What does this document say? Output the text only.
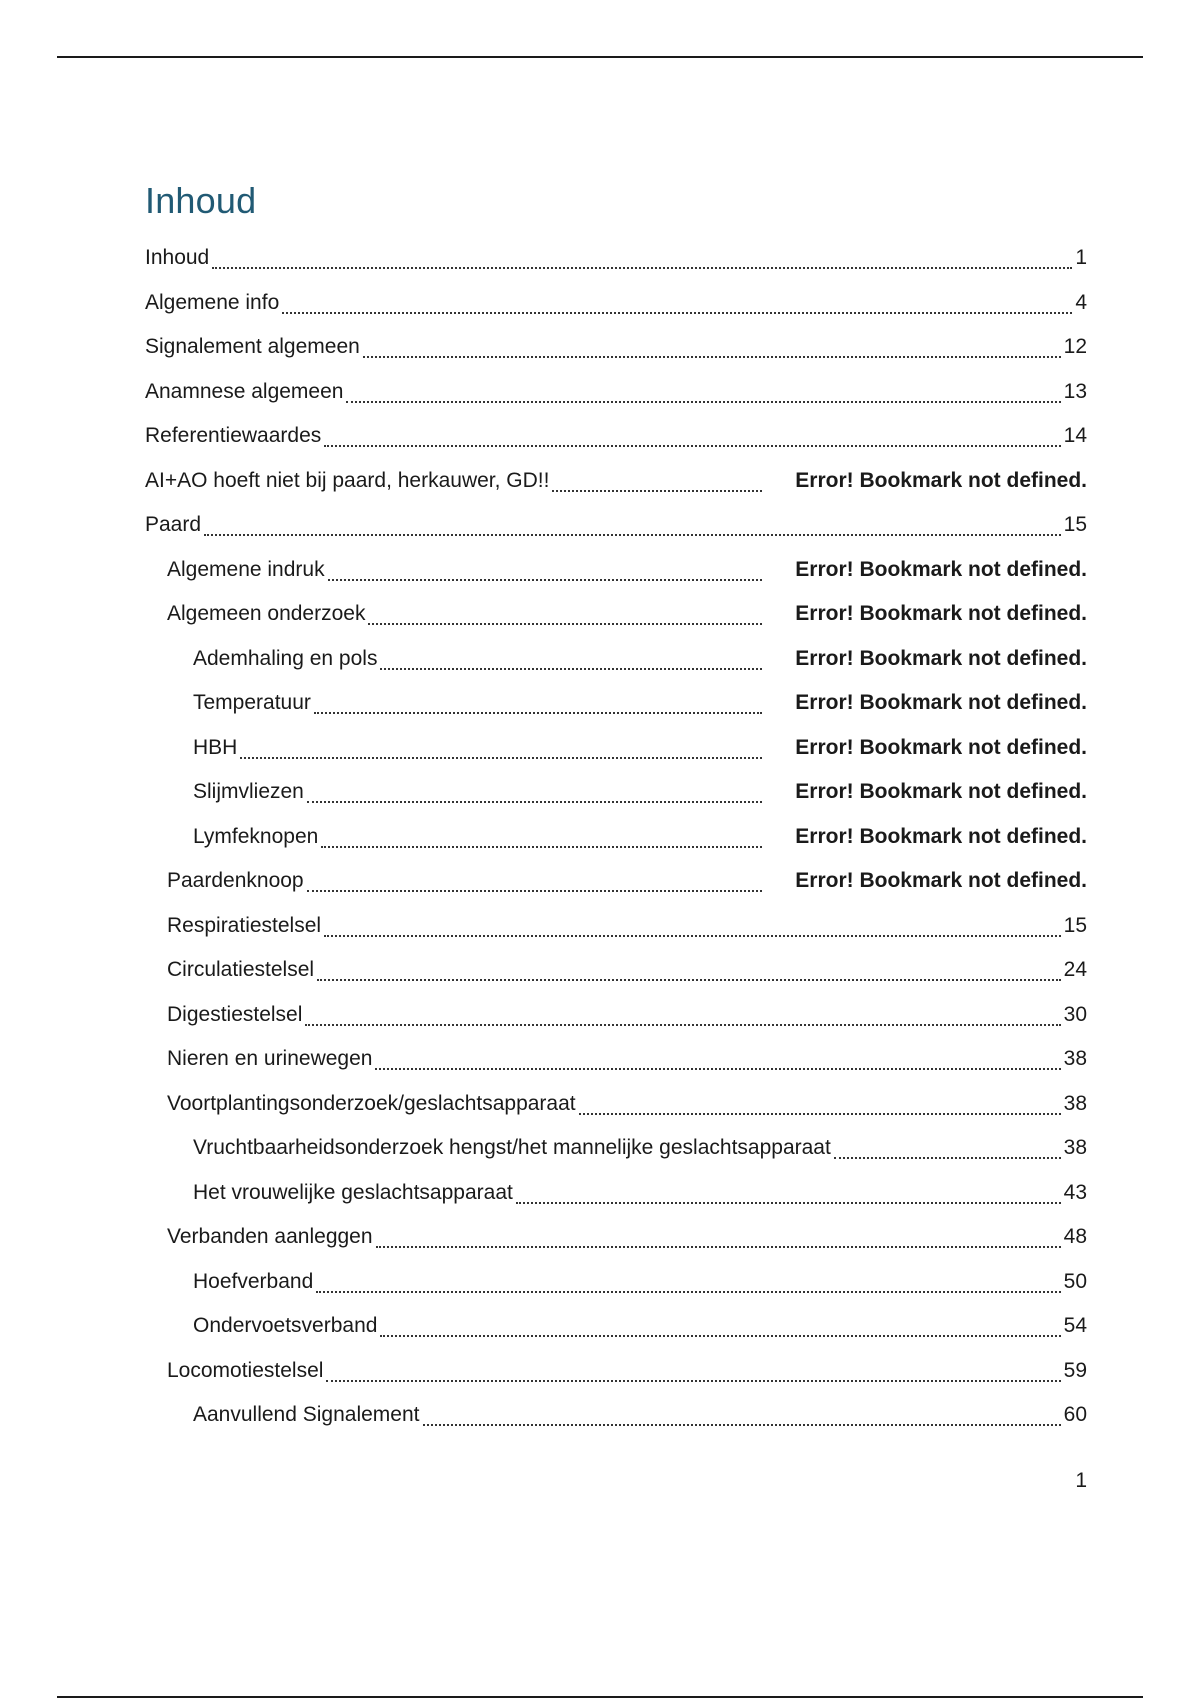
Inhoud
Inhoud	1
Algemene info	4
Signalement algemeen	12
Anamnese algemeen	13
Referentiewaardes	14
AI+AO hoeft niet bij paard, herkauwer, GD!!	Error! Bookmark not defined.
Paard	15
Algemene indruk	Error! Bookmark not defined.
Algemeen onderzoek	Error! Bookmark not defined.
Ademhaling en pols	Error! Bookmark not defined.
Temperatuur	Error! Bookmark not defined.
HBH	Error! Bookmark not defined.
Slijmvliezen	Error! Bookmark not defined.
Lymfeknopen	Error! Bookmark not defined.
Paardenknoop	Error! Bookmark not defined.
Respiratiestelsel	15
Circulatiestelsel	24
Digestiestelsel	30
Nieren en urinewegen	38
Voortplantingsonderzoek/geslachtsapparaat	38
Vruchtbaarheidsonderzoek hengst/het mannelijke geslachtsapparaat	38
Het vrouwelijke geslachtsapparaat	43
Verbanden aanleggen	48
Hoefverband	50
Ondervoetsverband	54
Locomotiestelsel	59
Aanvullend Signalement	60
1
